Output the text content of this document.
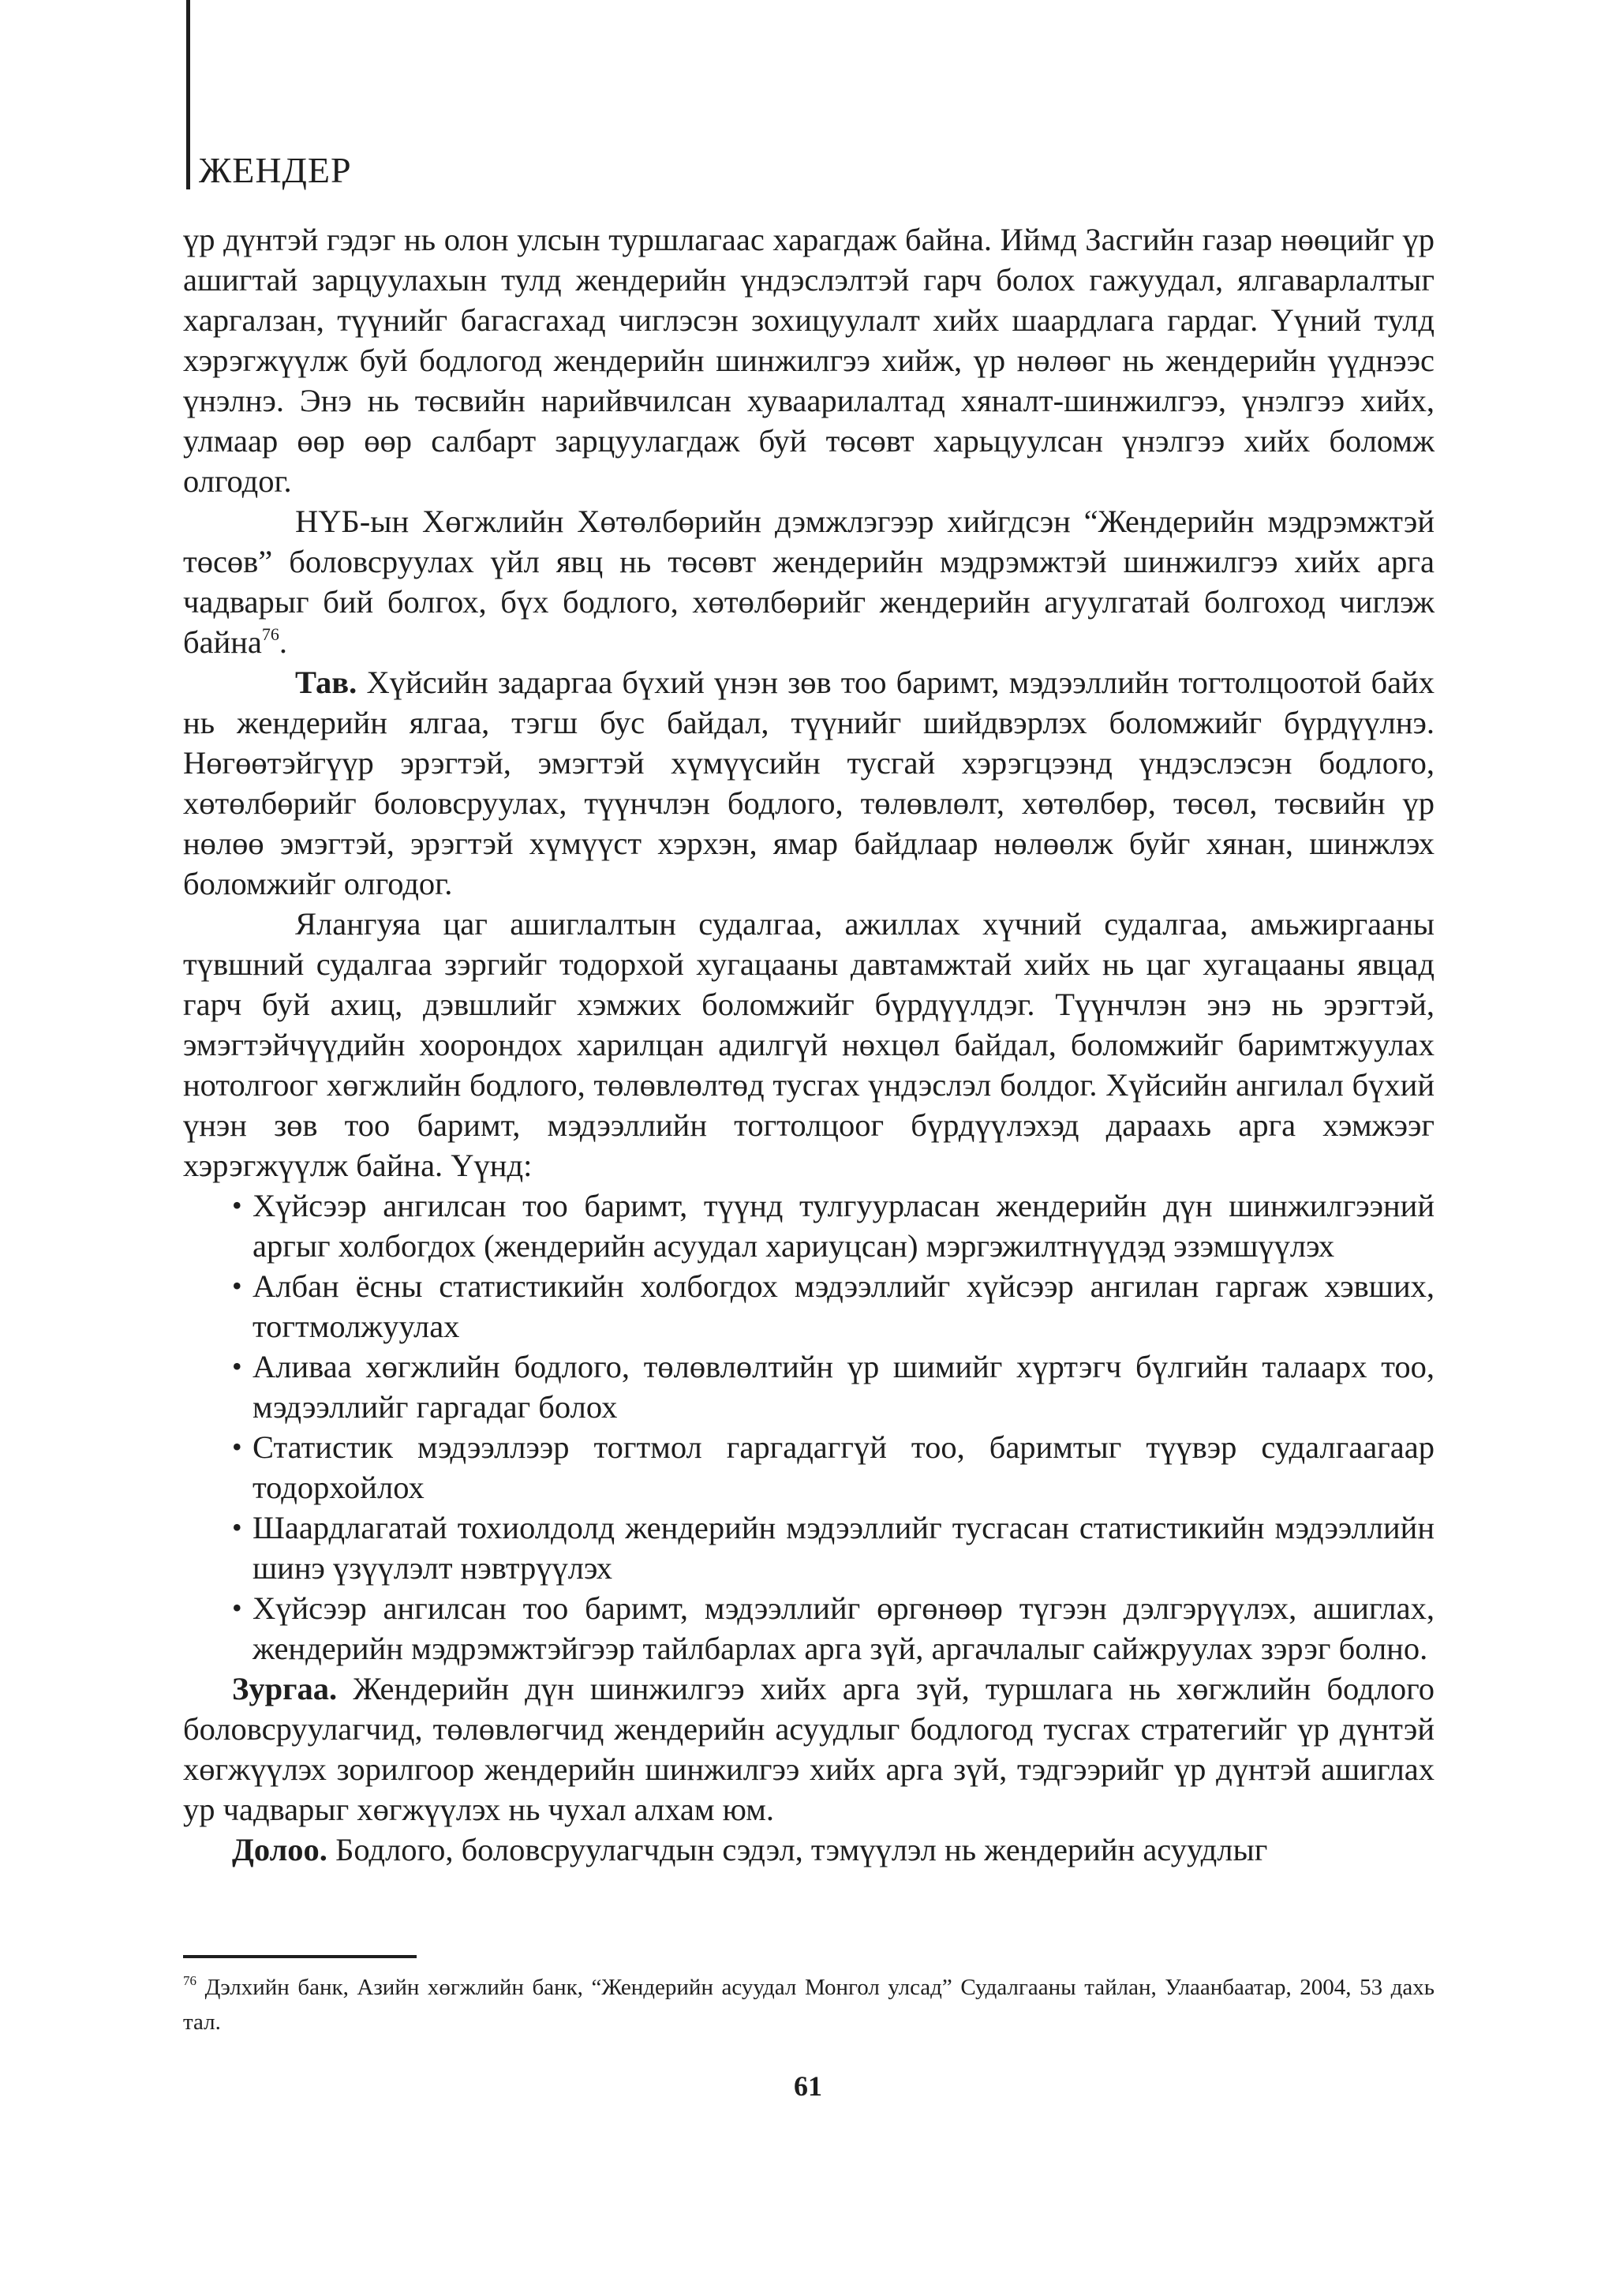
ЖЕНДЕР

үр дүнтэй гэдэг нь олон улсын туршлагаас харагдаж байна. Иймд Засгийн газар нөөцийг үр ашигтай зарцуулахын тулд жендерийн үндэслэлтэй гарч болох гажуудал, ялгаварлалтыг харгалзан, түүнийг багасгахад чиглэсэн зохицуулалт хийх шаардлага гардаг. Үүний тулд хэрэгжүүлж буй бодлогод жендерийн шинжилгээ хийж, үр нөлөөг нь жендерийн үүднээс үнэлнэ. Энэ нь төсвийн нарийвчилсан хуваарилалтад хяналт-шинжилгээ, үнэлгээ хийх, улмаар өөр өөр салбарт зарцуулагдаж буй төсөвт харьцуулсан үнэлгээ хийх боломж олгодог.

НҮБ-ын Хөгжлийн Хөтөлбөрийн дэмжлэгээр хийгдсэн “Жендерийн мэдрэмжтэй төсөв” боловсруулах үйл явц нь төсөвт жендерийн мэдрэмжтэй шинжилгээ хийх арга чадварыг бий болгох, бүх бодлого, хөтөлбөрийг жендерийн агуулгатай болгоход чиглэж байна$^{76}$.

Тав. Хүйсийн задаргаа бүхий үнэн зөв тоо баримт, мэдээллийн тогтолцоотой байх нь жендерийн ялгаа, тэгш бус байдал, түүнийг шийдвэрлэх боломжийг бүрдүүлнэ. Нөгөөтэйгүүр эрэгтэй, эмэгтэй хүмүүсийн тусгай хэрэгцээнд үндэслэсэн бодлого, хөтөлбөрийг боловсруулах, түүнчлэн бодлого, төлөвлөлт, хөтөлбөр, төсөл, төсвийн үр нөлөө эмэгтэй, эрэгтэй хүмүүст хэрхэн, ямар байдлаар нөлөөлж буйг хянан, шинжлэх боломжийг олгодог.

Ялангуяа цаг ашиглалтын судалгаа, ажиллах хүчний судалгаа, амьжиргааны түвшний судалгаа зэргийг тодорхой хугацааны давтамжтай хийх нь цаг хугацааны явцад гарч буй ахиц, дэвшлийг хэмжих боломжийг бүрдүүлдэг. Түүнчлэн энэ нь эрэгтэй, эмэгтэйчүүдийн хоорондох харилцан адилгүй нөхцөл байдал, боломжийг баримтжуулах нотолгоог хөгжлийн бодлого, төлөвлөлтөд тусгах үндэслэл болдог. Хүйсийн ангилал бүхий үнэн зөв тоо баримт, мэдээллийн тогтолцоог бүрдүүлэхэд дараахь арга хэмжээг хэрэгжүүлж байна. Үүнд:

• Хүйсээр ангилсан тоо баримт, түүнд тулгуурласан жендерийн дүн шинжилгээний аргыг холбогдох (жендерийн асуудал хариуцсан) мэргэжилтнүүдэд эзэмшүүлэх
• Албан ёсны статистикийн холбогдох мэдээллийг хүйсээр ангилан гаргаж хэвших, тогтмолжуулах
• Аливаа хөгжлийн бодлого, төлөвлөлтийн үр шимийг хүртэгч бүлгийн талаарх тоо, мэдээллийг гаргадаг болох
• Статистик мэдээллээр тогтмол гаргадаггүй тоо, баримтыг түүвэр судалгаагаар тодорхойлох
• Шаардлагатай тохиолдолд жендерийн мэдээллийг тусгасан статистикийн мэдээллийн шинэ үзүүлэлт нэвтрүүлэх
• Хүйсээр ангилсан тоо баримт, мэдээллийг өргөнөөр түгээн дэлгэрүүлэх, ашиглах, жендерийн мэдрэмжтэйгээр тайлбарлах арга зүй, аргачлалыг сайжруулах зэрэг болно.

Зургаа. Жендерийн дүн шинжилгээ хийх арга зүй, туршлага нь хөгжлийн бодлого боловсруулагчид, төлөвлөгчид жендерийн асуудлыг бодлогод тусгах стратегийг үр дүнтэй хөгжүүлэх зорилгоор жендерийн шинжилгээ хийх арга зүй, тэдгээрийг үр дүнтэй ашиглах ур чадварыг хөгжүүлэх нь чухал алхам юм.

Долоо. Бодлого, боловсруулагчдын сэдэл, тэмүүлэл нь жендерийн асуудлыг

$^{76}$ Дэлхийн банк, Азийн хөгжлийн банк, “Жендерийн асуудал Монгол улсад” Судалгааны тайлан, Улаанбаатар, 2004, 53 дахь тал.
61
